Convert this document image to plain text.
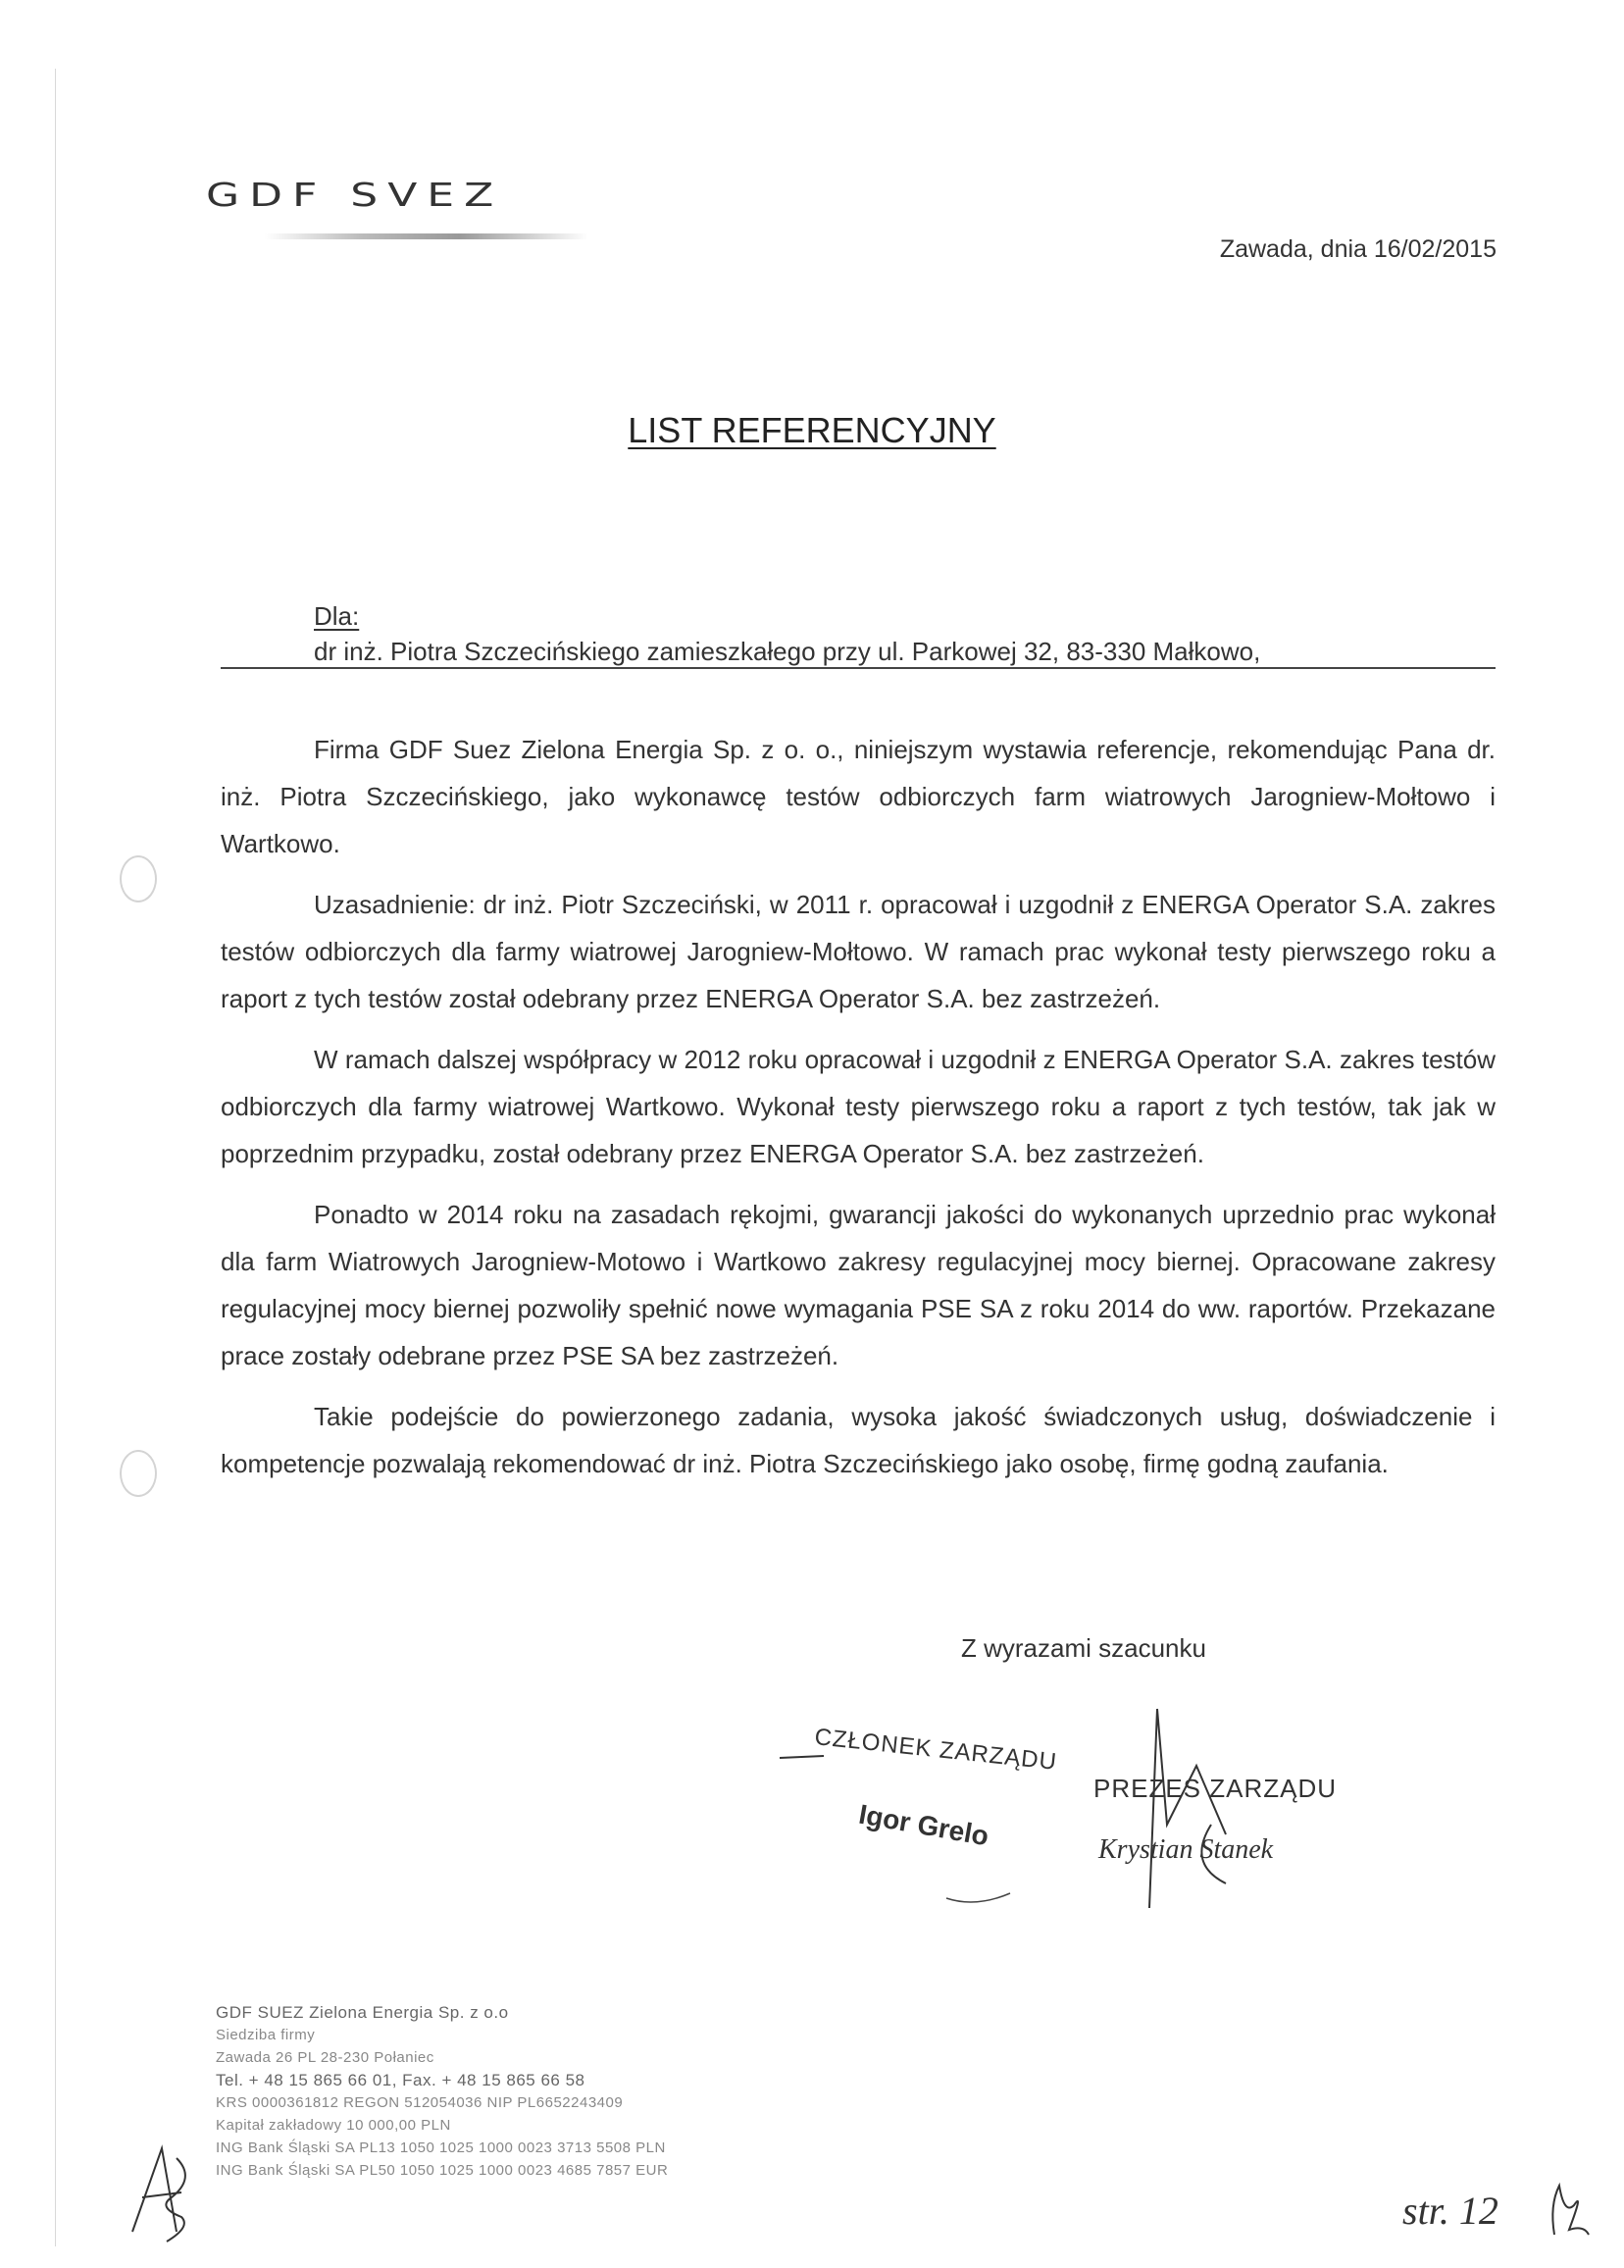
GDF SVEZ
Zawada, dnia 16/02/2015
LIST REFERENCYJNY
Dla:
dr inż. Piotra Szczecińskiego zamieszkałego przy ul. Parkowej 32, 83-330 Małkowo,

Firma GDF Suez Zielona Energia Sp. z o. o., niniejszym wystawia referencje, rekomendując Pana dr. inż. Piotra Szczecińskiego, jako wykonawcę testów odbiorczych farm wiatrowych Jarogniew-Mołtowo i Wartkowo.

Uzasadnienie: dr inż. Piotr Szczeciński, w 2011 r. opracował i uzgodnił z ENERGA Operator S.A. zakres testów odbiorczych dla farmy wiatrowej Jarogniew-Mołtowo. W ramach prac wykonał testy pierwszego roku a raport z tych testów został odebrany przez ENERGA Operator S.A. bez zastrzeżeń.

W ramach dalszej współpracy w 2012 roku opracował i uzgodnił z ENERGA Operator S.A. zakres testów odbiorczych dla farmy wiatrowej Wartkowo. Wykonał testy pierwszego roku a raport z tych testów, tak jak w poprzednim przypadku, został odebrany przez ENERGA Operator S.A. bez zastrzeżeń.

Ponadto w 2014 roku na zasadach rękojmi, gwarancji jakości do wykonanych uprzednio prac wykonał dla farm Wiatrowych Jarogniew-Motowo i Wartkowo zakresy regulacyjnej mocy biernej. Opracowane zakresy regulacyjnej mocy biernej pozwoliły spełnić nowe wymagania PSE SA z roku 2014 do ww. raportów. Przekazane prace zostały odebrane przez PSE SA bez zastrzeżeń.

Takie podejście do powierzonego zadania, wysoka jakość świadczonych usług, doświadczenie i kompetencje pozwalają rekomendować dr inż. Piotra Szczecińskiego jako osobę, firmę godną zaufania.

Z wyrazami szacunku
CZŁONEK ZARZĄDU
Igor Grelo
PREZES ZARZĄDU
Krystian Stanek
GDF SUEZ Zielona Energia Sp. z o.o
Siedziba firmy
Zawada 26 PL 28-230 Połaniec
Tel. + 48 15 865 66 01, Fax. + 48 15 865 66 58
KRS 0000361812 REGON 512054036 NIP PL6652243409
Kapitał zakładowy 10 000,00 PLN
ING Bank Śląski SA PL13 1050 1025 1000 0023 3713 5508 PLN
ING Bank Śląski SA PL50 1050 1025 1000 0023 4685 7857 EUR
str. 12
